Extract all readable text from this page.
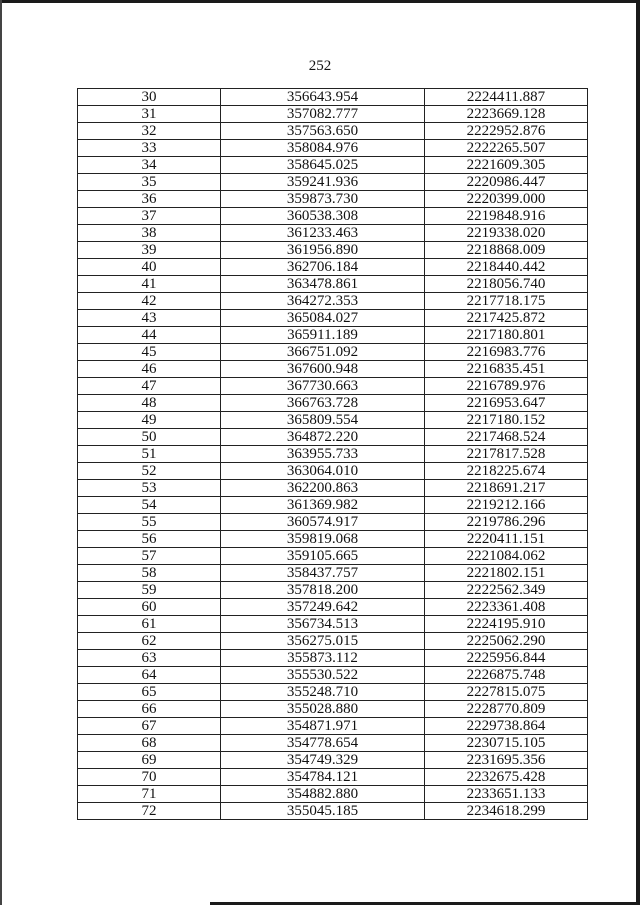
252
30	356643.954	2224411.887
31	357082.777	2223669.128
32	357563.650	2222952.876
33	358084.976	2222265.507
34	358645.025	2221609.305
35	359241.936	2220986.447
36	359873.730	2220399.000
37	360538.308	2219848.916
38	361233.463	2219338.020
39	361956.890	2218868.009
40	362706.184	2218440.442
41	363478.861	2218056.740
42	364272.353	2217718.175
43	365084.027	2217425.872
44	365911.189	2217180.801
45	366751.092	2216983.776
46	367600.948	2216835.451
47	367730.663	2216789.976
48	366763.728	2216953.647
49	365809.554	2217180.152
50	364872.220	2217468.524
51	363955.733	2217817.528
52	363064.010	2218225.674
53	362200.863	2218691.217
54	361369.982	2219212.166
55	360574.917	2219786.296
56	359819.068	2220411.151
57	359105.665	2221084.062
58	358437.757	2221802.151
59	357818.200	2222562.349
60	357249.642	2223361.408
61	356734.513	2224195.910
62	356275.015	2225062.290
63	355873.112	2225956.844
64	355530.522	2226875.748
65	355248.710	2227815.075
66	355028.880	2228770.809
67	354871.971	2229738.864
68	354778.654	2230715.105
69	354749.329	2231695.356
70	354784.121	2232675.428
71	354882.880	2233651.133
72	355045.185	2234618.299
